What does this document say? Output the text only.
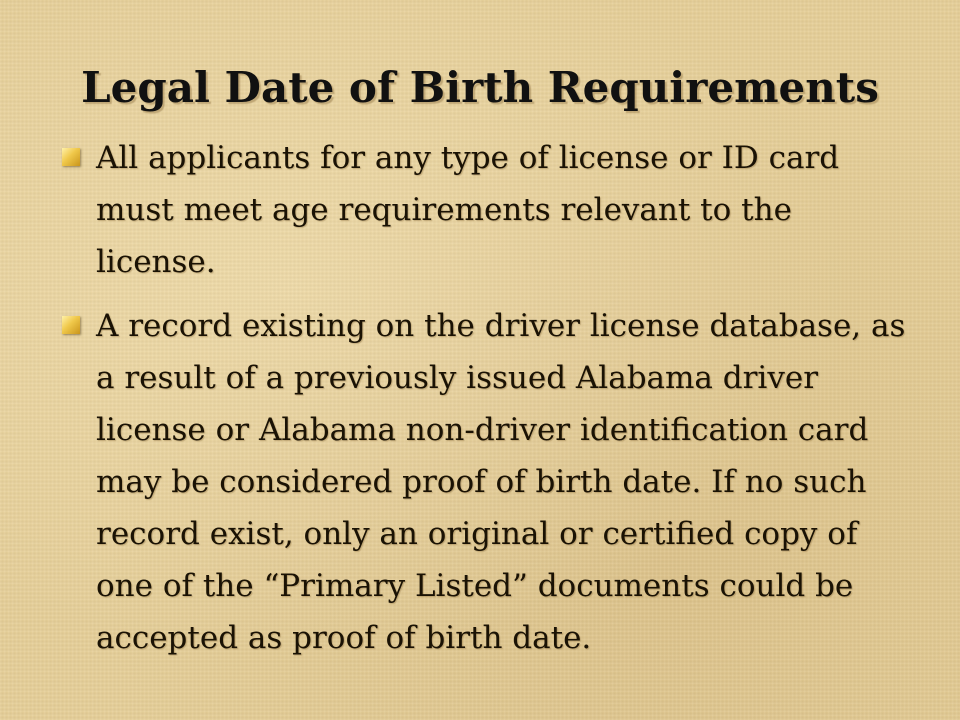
Legal Date of Birth Requirements
All applicants for any type of license or ID card must meet age requirements relevant to the license.
A record existing on the driver license database, as a result of a previously issued Alabama driver license or Alabama non-driver identification card may be considered proof of birth date. If no such record exist, only an original or certified copy of one of the “Primary Listed” documents could be accepted as proof of birth date.
